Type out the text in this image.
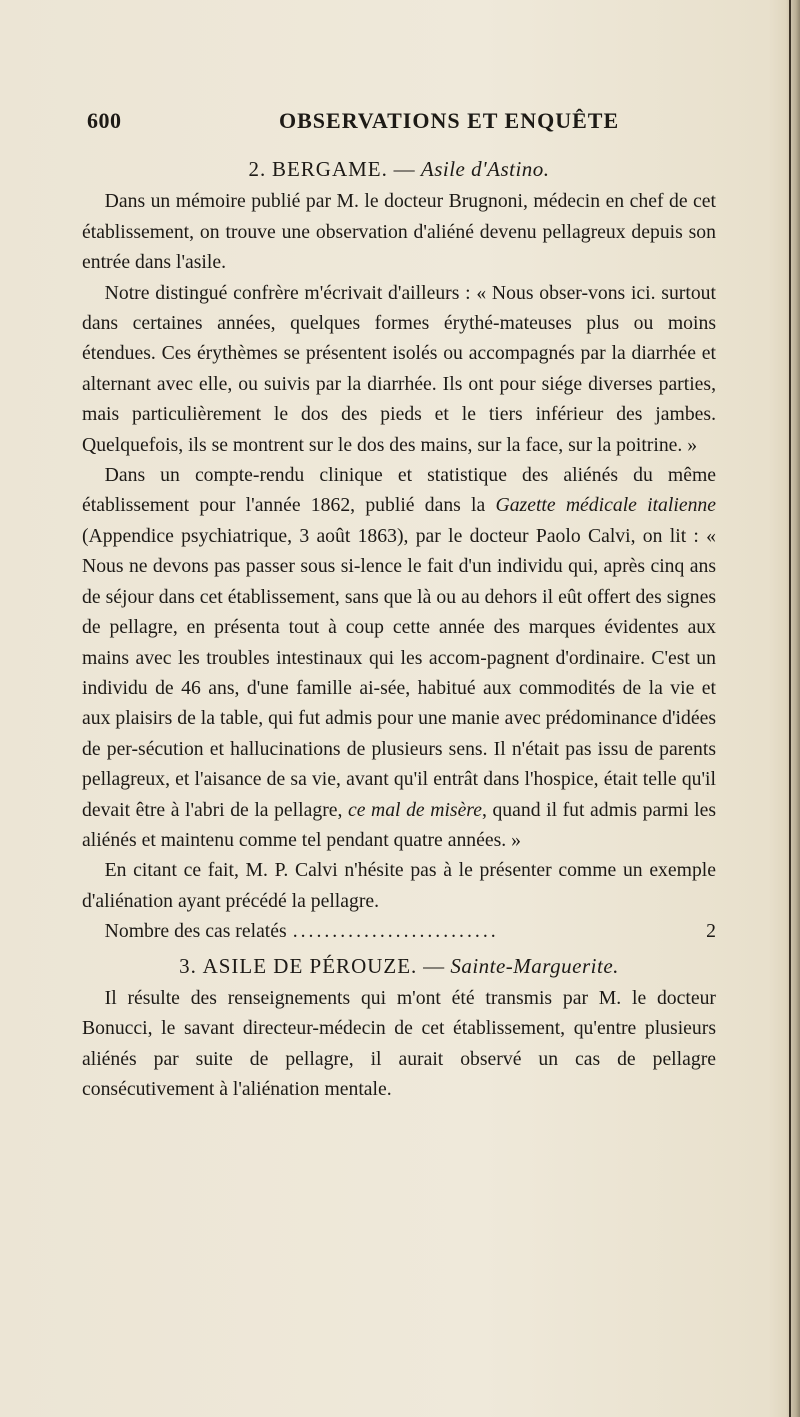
600	OBSERVATIONS ET ENQUÊTE
2. BERGAME. — Asile d'Astino.

Dans un mémoire publié par M. le docteur Brugnoni, médecin en chef de cet établissement, on trouve une observation d'aliéné devenu pellagreux depuis son entrée dans l'asile.

Notre distingué confrère m'écrivait d'ailleurs : « Nous obser-vons ici. surtout dans certaines années, quelques formes érythé-mateuses plus ou moins étendues. Ces érythèmes se présentent isolés ou accompagnés par la diarrhée et alternant avec elle, ou suivis par la diarrhée. Ils ont pour siége diverses parties, mais particulièrement le dos des pieds et le tiers inférieur des jambes. Quelquefois, ils se montrent sur le dos des mains, sur la face, sur la poitrine. »

Dans un compte-rendu clinique et statistique des aliénés du même établissement pour l'année 1862, publié dans la Gazette médicale italienne (Appendice psychiatrique, 3 août 1863), par le docteur Paolo Calvi, on lit : « Nous ne devons pas passer sous si-lence le fait d'un individu qui, après cinq ans de séjour dans cet établissement, sans que là ou au dehors il eût offert des signes de pellagre, en présenta tout à coup cette année des marques évidentes aux mains avec les troubles intestinaux qui les accom-pagnent d'ordinaire. C'est un individu de 46 ans, d'une famille ai-sée, habitué aux commodités de la vie et aux plaisirs de la table, qui fut admis pour une manie avec prédominance d'idées de per-sécution et hallucinations de plusieurs sens. Il n'était pas issu de parents pellagreux, et l'aisance de sa vie, avant qu'il entrât dans l'hospice, était telle qu'il devait être à l'abri de la pellagre, ce mal de misère, quand il fut admis parmi les aliénés et maintenu comme tel pendant quatre années. »

En citant ce fait, M. P. Calvi n'hésite pas à le présenter comme un exemple d'aliénation ayant précédé la pellagre.

Nombre des cas relatés ..........................	2

3. ASILE DE PÉROUZE. — Sainte-Marguerite.

Il résulte des renseignements qui m'ont été transmis par M. le docteur Bonucci, le savant directeur-médecin de cet établissement, qu'entre plusieurs aliénés par suite de pellagre, il aurait observé un cas de pellagre consécutivement à l'aliénation mentale.
